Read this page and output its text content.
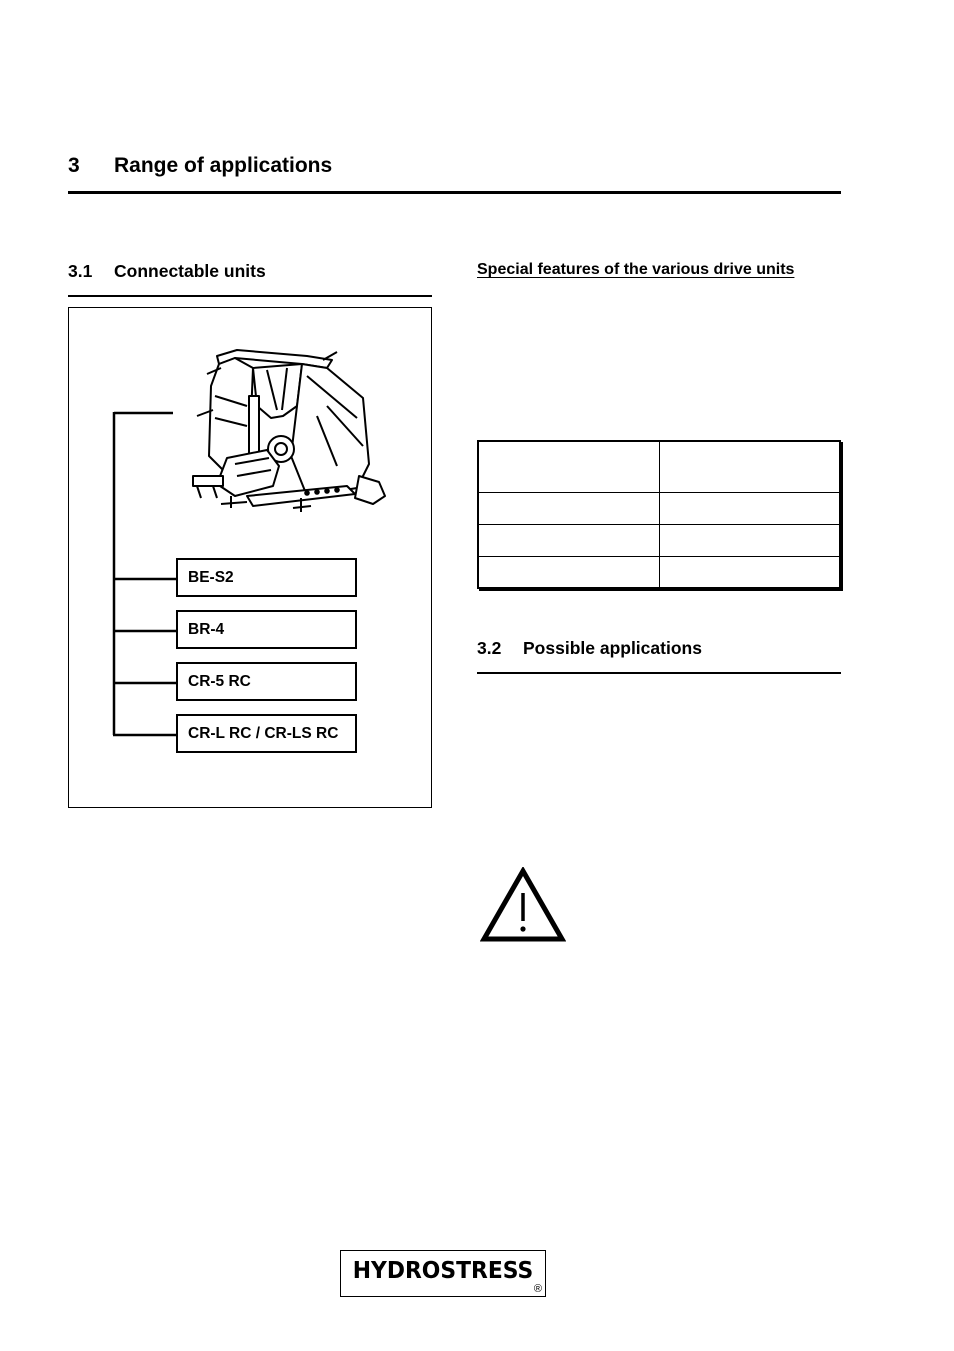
3 Range of applications
3.1 Connectable units
BE-S2
BR-4
CR-5 RC
CR-L RC / CR-LS RC
Special features of the various drive units

3.2 Possible applications
HYDROSTRESS
®
